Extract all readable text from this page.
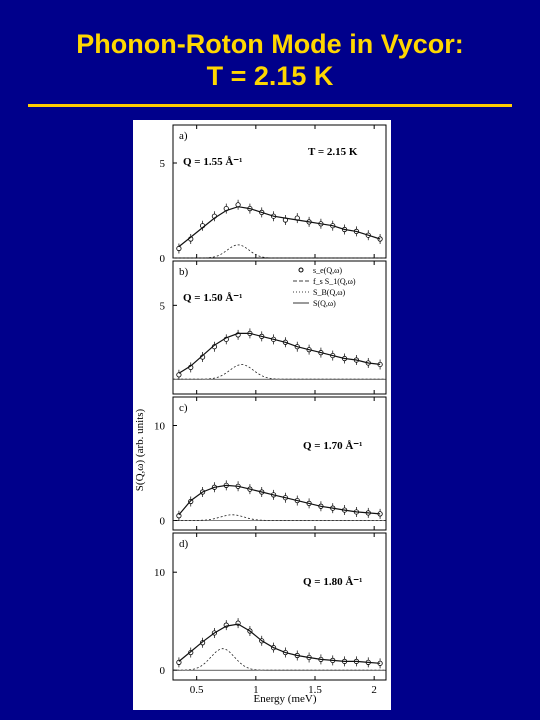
Phonon-Roton Mode in Vycor:
T = 2.15 K
0
5
a)
Q = 1.55 Å⁻¹
T = 2.15 K
5
b)
Q = 1.50 Å⁻¹
s_e(Q,ω)
f_s S_1(Q,ω)
S_B(Q,ω)
S(Q,ω)
0
10
c)
Q = 1.70 Å⁻¹
0.5	1	1.5	2
0
10
d)
Q = 1.80 Å⁻¹
S(Q,ω) (arb. units)
Energy (meV)
